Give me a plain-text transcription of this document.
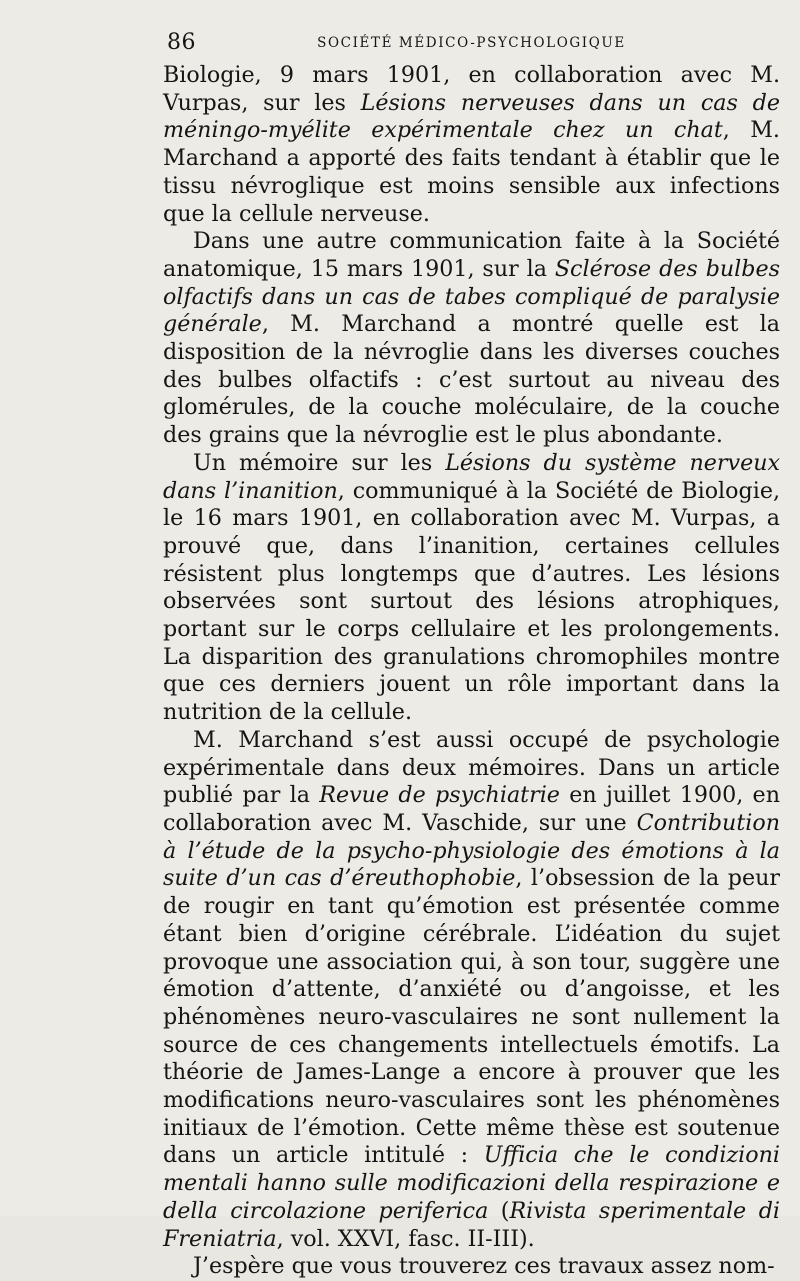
86	SOCIÉTÉ MÉDICO-PSYCHOLOGIQUE

Biologie, 9 mars 1901, en collaboration avec M. Vurpas, sur les Lésions nerveuses dans un cas de méningo-myélite expérimentale chez un chat, M. Marchand a apporté des faits tendant à établir que le tissu névroglique est moins sensible aux infections que la cellule nerveuse.

Dans une autre communication faite à la Société anatomique, 15 mars 1901, sur la Sclérose des bulbes olfactifs dans un cas de tabes compliqué de paralysie générale, M. Marchand a montré quelle est la disposition de la névroglie dans les diverses couches des bulbes olfactifs : c’est surtout au niveau des glomérules, de la couche moléculaire, de la couche des grains que la névroglie est le plus abondante.

Un mémoire sur les Lésions du système nerveux dans l’inanition, communiqué à la Société de Biologie, le 16 mars 1901, en collaboration avec M. Vurpas, a prouvé que, dans l’inanition, certaines cellules résistent plus longtemps que d’autres. Les lésions observées sont surtout des lésions atrophiques, portant sur le corps cellulaire et les prolongements. La disparition des granulations chromophiles montre que ces derniers jouent un rôle important dans la nutrition de la cellule.

M. Marchand s’est aussi occupé de psychologie expérimentale dans deux mémoires. Dans un article publié par la Revue de psychiatrie en juillet 1900, en collaboration avec M. Vaschide, sur une Contribution à l’étude de la psycho-physiologie des émotions à la suite d’un cas d’éreuthophobie, l’obsession de la peur de rougir en tant qu’émotion est présentée comme étant bien d’origine cérébrale. L’idéation du sujet provoque une association qui, à son tour, suggère une émotion d’attente, d’anxiété ou d’angoisse, et les phénomènes neuro-vasculaires ne sont nullement la source de ces changements intellectuels émotifs. La théorie de James-Lange a encore à prouver que les modifications neuro-vasculaires sont les phénomènes initiaux de l’émotion. Cette même thèse est soutenue dans un article intitulé : Ufficia che le condizioni mentali hanno sulle modificazioni della respirazione e della circolazione periferica (Rivista sperimentale di Freniatria, vol. XXVI, fasc. II-III).

J’espère que vous trouverez ces travaux assez nom-
